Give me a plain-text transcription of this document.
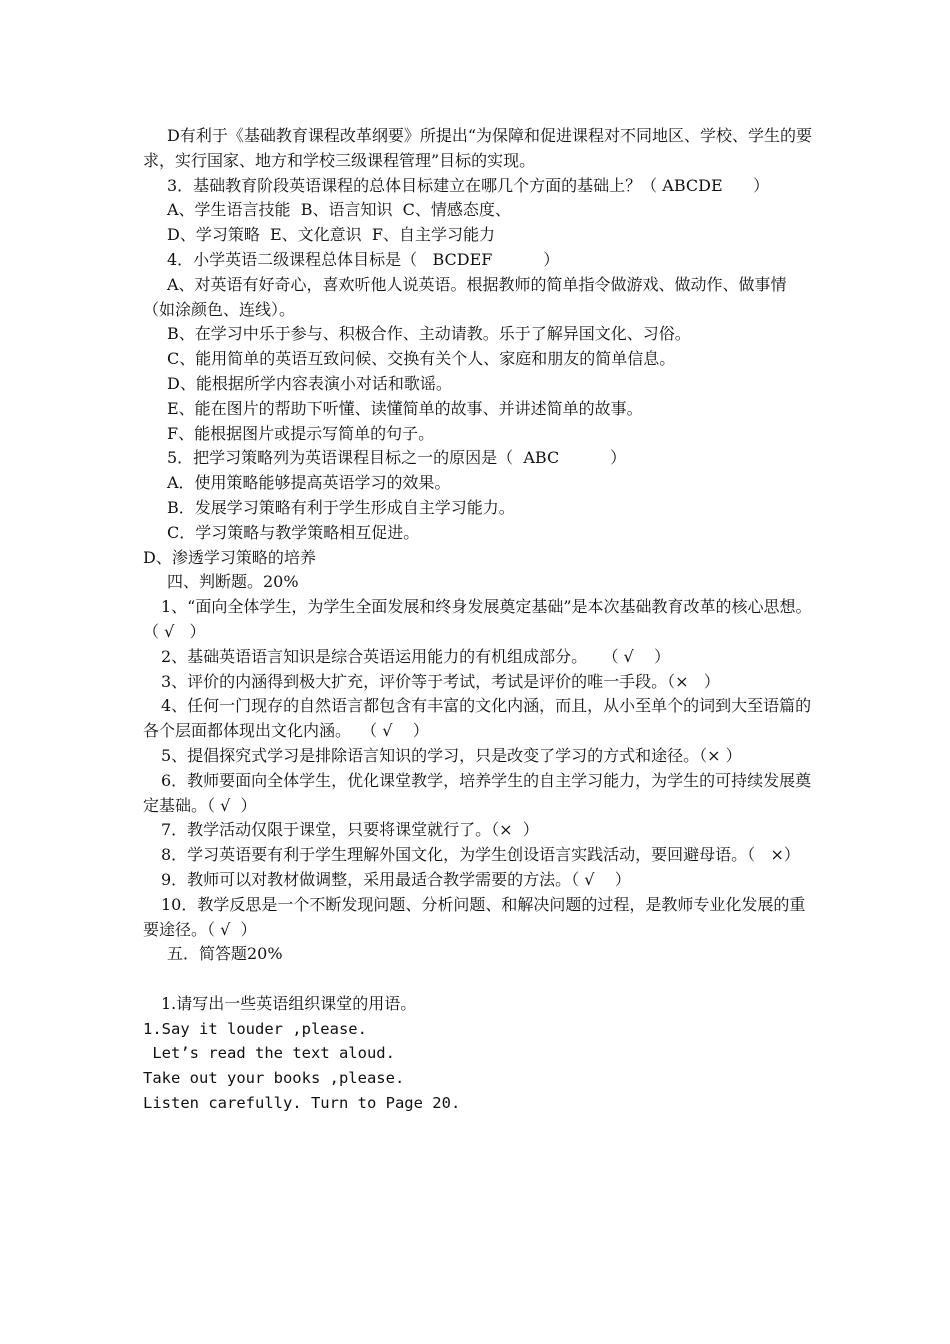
D有利于《基础教育课程改革纲要》所提出“为保障和促进课程对不同地区、学校、学生的要求，实行国家、地方和学校三级课程管理”目标的实现。

3．基础教育阶段英语课程的总体目标建立在哪几个方面的基础上？（ ABCDE      ）

A、学生语言技能  B、语言知识  C、情感态度、

D、学习策略  E、文化意识  F、自主学习能力

4．小学英语二级课程总体目标是（   BCDEF          ）

A、对英语有好奇心，喜欢听他人说英语。根据教师的简单指令做游戏、做动作、做事情（如涂颜色、连线）。

B、在学习中乐于参与、积极合作、主动请教。乐于了解异国文化、习俗。

C、能用简单的英语互致问候、交换有关个人、家庭和朋友的简单信息。

D、能根据所学内容表演小对话和歌谣。

E、能在图片的帮助下听懂、读懂简单的故事、并讲述简单的故事。

F、能根据图片或提示写简单的句子。

5．把学习策略列为英语课程目标之一的原因是（  ABC          ）

A．使用策略能够提高英语学习的效果。

B．发展学习策略有利于学生形成自主学习能力。

C．学习策略与教学策略相互促进。

D、渗透学习策略的培养

四、判断题。20%

1、“面向全体学生，为学生全面发展和终身发展奠定基础”是本次基础教育改革的核心思想。  （ √   ）

2、基础英语语言知识是综合英语运用能力的有机组成部分。   （ √    ）

3、评价的内涵得到极大扩充，评价等于考试，考试是评价的唯一手段。（×   ）

4、任何一门现存的自然语言都包含有丰富的文化内涵，而且，从小至单个的词到大至语篇的各个层面都体现出文化内涵。  （ √    ）

5、提倡探究式学习是排除语言知识的学习，只是改变了学习的方式和途径。（× ）

6．教师要面向全体学生，优化课堂教学，培养学生的自主学习能力，为学生的可持续发展奠定基础。（ √  ）

7．教学活动仅限于课堂，只要将课堂就行了。（×  ）

8．学习英语要有利于学生理解外国文化，为学生创设语言实践活动，要回避母语。（   ×）

9．教师可以对教材做调整，采用最适合教学需要的方法。（ √    ）

10．教学反思是一个不断发现问题、分析问题、和解决问题的过程，是教师专业化发展的重要途径。（ √  ）

五．简答题20%

1.请写出一些英语组织课堂的用语。

1.Say it louder ,please.

Let’s read the text aloud.

Take out your books ,please.

Listen carefully. Turn to Page 20.
